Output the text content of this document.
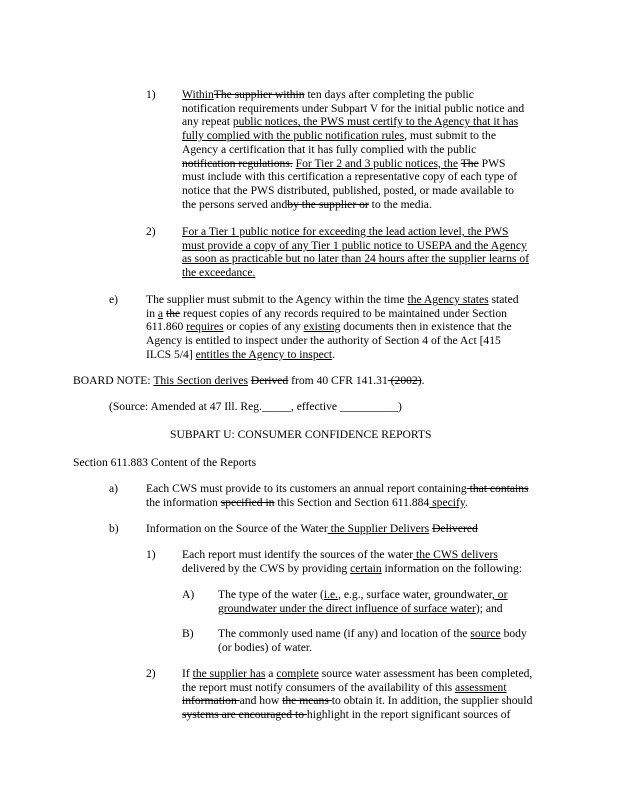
1) WithinThe supplier within ten days after completing the public
notification requirements under Subpart V for the initial public notice and
any repeat public notices, the PWS must certify to the Agency that it has
fully complied with the public notification rules, must submit to the
Agency a certification that it has fully complied with the public
notification regulations. For Tier 2 and 3 public notices, the The PWS
must include with this certification a representative copy of each type of
notice that the PWS distributed, published, posted, or made available to
the persons served andby the supplier or to the media.
2) For a Tier 1 public notice for exceeding the lead action level, the PWS
must provide a copy of any Tier 1 public notice to USEPA and the Agency
as soon as practicable but no later than 24 hours after the supplier learns of
the exceedance.
e) The supplier must submit to the Agency within the time the Agency states stated
in a the request copies of any records required to be maintained under Section
611.860 requires or copies of any existing documents then in existence that the
Agency is entitled to inspect under the authority of Section 4 of the Act [415
ILCS 5/4] entitles the Agency to inspect.
BOARD NOTE: This Section derives Derived from 40 CFR 141.31 (2002).
(Source: Amended at 47 Ill. Reg._____, effective __________)
SUBPART U: CONSUMER CONFIDENCE REPORTS
Section 611.883 Content of the Reports
a) Each CWS must provide to its customers an annual report containing that contains
the information specified in this Section and Section 611.884 specify.
b) Information on the Source of the Water the Supplier Delivers Delivered
1) Each report must identify the sources of the water the CWS delivers
delivered by the CWS by providing certain information on the following:
A) The type of the water (i.e., e.g., surface water, groundwater, or
groundwater under the direct influence of surface water); and
B) The commonly used name (if any) and location of the source body
(or bodies) of water.
2) If the supplier has a complete source water assessment has been completed,
the report must notify consumers of the availability of this assessment
information and how the means to obtain it. In addition, the supplier should
systems are encouraged to highlight in the report significant sources of
